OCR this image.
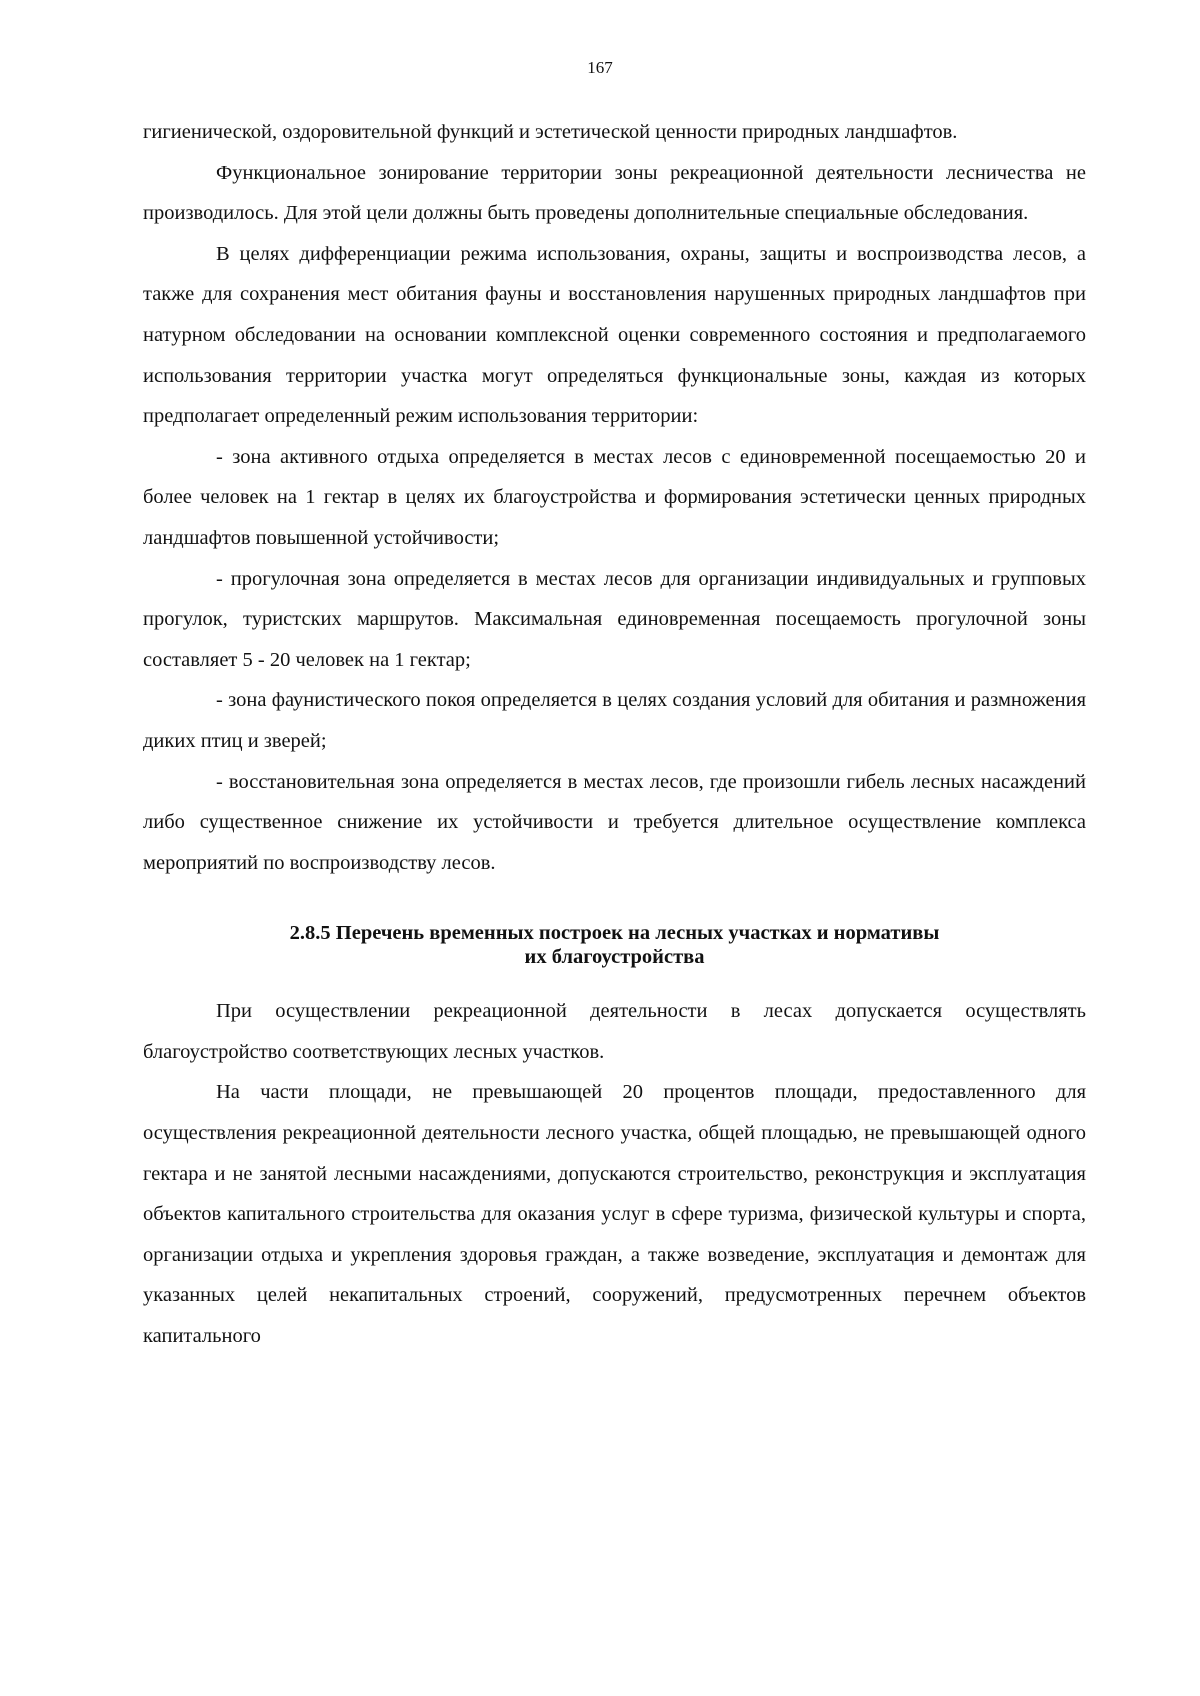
167

гигиенической, оздоровительной функций и эстетической ценности природных ландшафтов.

Функциональное зонирование территории зоны рекреационной деятельности лесничества не производилось. Для этой цели должны быть проведены дополнительные специальные обследования.

В целях дифференциации режима использования, охраны, защиты и воспроизводства лесов, а также для сохранения мест обитания фауны и восстановления нарушенных природных ландшафтов при натурном обследовании на основании комплексной оценки современного состояния и предполагаемого использования территории участка могут определяться функциональные зоны, каждая из которых предполагает определенный режим использования территории:

- зона активного отдыха определяется в местах лесов с единовременной посещаемостью 20 и более человек на 1 гектар в целях их благоустройства и формирования эстетически ценных природных ландшафтов повышенной устойчивости;

- прогулочная зона определяется в местах лесов для организации индивидуальных и групповых прогулок, туристских маршрутов. Максимальная единовременная посещаемость прогулочной зоны составляет 5 - 20 человек на 1 гектар;

- зона фаунистического покоя определяется в целях создания условий для обитания и размножения диких птиц и зверей;

- восстановительная зона определяется в местах лесов, где произошли гибель лесных насаждений либо существенное снижение их устойчивости и требуется длительное осуществление комплекса мероприятий по воспроизводству лесов.

2.8.5 Перечень временных построек на лесных участках и нормативы
их благоустройства

При осуществлении рекреационной деятельности в лесах допускается осуществлять благоустройство соответствующих лесных участков.

На части площади, не превышающей 20 процентов площади, предоставленного для осуществления рекреационной деятельности лесного участка, общей площадью, не превышающей одного гектара и не занятой лесными насаждениями, допускаются строительство, реконструкция и эксплуатация объектов капитального строительства для оказания услуг в сфере туризма, физической культуры и спорта, организации отдыха и укрепления здоровья граждан, а также возведение, эксплуатация и демонтаж для указанных целей некапитальных строений, сооружений, предусмотренных перечнем объектов капитального
